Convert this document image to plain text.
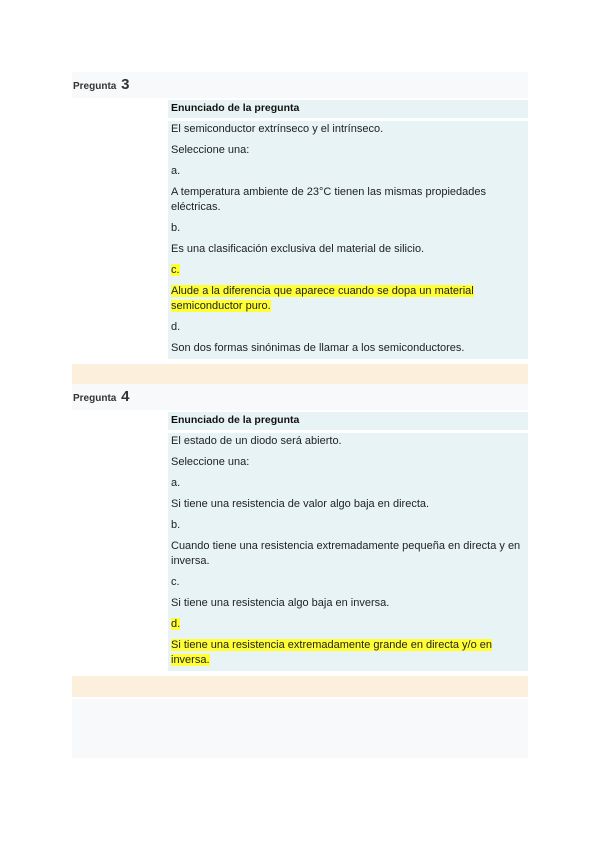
Pregunta 3
Enunciado de la pregunta
El semiconductor extrínseco y el intrínseco.
Seleccione una:
a.
A temperatura ambiente de 23°C tienen las mismas propiedades eléctricas.
b.
Es una clasificación exclusiva del material de silicio.
c.
Alude a la diferencia que aparece cuando se dopa un material semiconductor puro.
d.
Son dos formas sinónimas de llamar a los semiconductores.
Pregunta 4
Enunciado de la pregunta
El estado de un diodo será abierto.
Seleccione una:
a.
Si tiene una resistencia de valor algo baja en directa.
b.
Cuando tiene una resistencia extremadamente pequeña en directa y en inversa.
c.
Si tiene una resistencia algo baja en inversa.
d.
Si tiene una resistencia extremadamente grande en directa y/o en inversa.
